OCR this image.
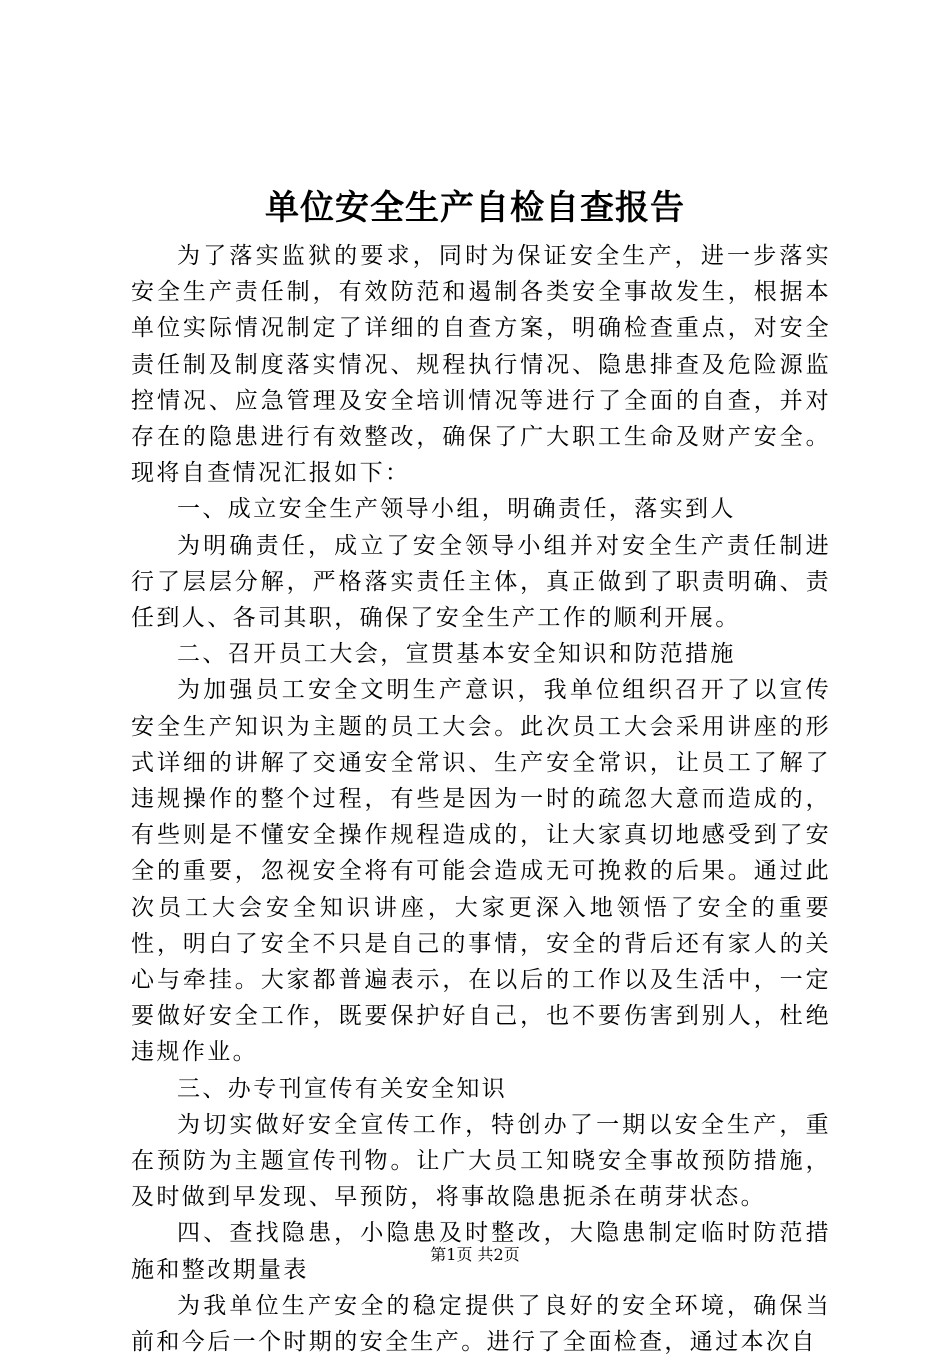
单位安全生产自检自查报告

为了落实监狱的要求，同时为保证安全生产，进一步落实安全生产责任制，有效防范和遏制各类安全事故发生，根据本单位实际情况制定了详细的自查方案，明确检查重点，对安全责任制及制度落实情况、规程执行情况、隐患排查及危险源监控情况、应急管理及安全培训情况等进行了全面的自查，并对存在的隐患进行有效整改，确保了广大职工生命及财产安全。现将自查情况汇报如下：

一、成立安全生产领导小组，明确责任，落实到人

为明确责任，成立了安全领导小组并对安全生产责任制进行了层层分解，严格落实责任主体，真正做到了职责明确、责任到人、各司其职，确保了安全生产工作的顺利开展。

二、召开员工大会，宣贯基本安全知识和防范措施

为加强员工安全文明生产意识，我单位组织召开了以宣传安全生产知识为主题的员工大会。此次员工大会采用讲座的形式详细的讲解了交通安全常识、生产安全常识，让员工了解了违规操作的整个过程，有些是因为一时的疏忽大意而造成的，有些则是不懂安全操作规程造成的，让大家真切地感受到了安全的重要，忽视安全将有可能会造成无可挽救的后果。通过此次员工大会安全知识讲座，大家更深入地领悟了安全的重要性，明白了安全不只是自己的事情，安全的背后还有家人的关心与牵挂。大家都普遍表示，在以后的工作以及生活中，一定要做好安全工作，既要保护好自己，也不要伤害到别人，杜绝违规作业。

三、办专刊宣传有关安全知识

为切实做好安全宣传工作，特创办了一期以安全生产，重在预防为主题宣传刊物。让广大员工知晓安全事故预防措施，及时做到早发现、早预防，将事故隐患扼杀在萌芽状态。

四、查找隐患，小隐患及时整改，大隐患制定临时防范措施和整改期量表

为我单位生产安全的稳定提供了良好的安全环境，确保当前和今后一个时期的安全生产。进行了全面检查，通过本次自

第1页 共2页
